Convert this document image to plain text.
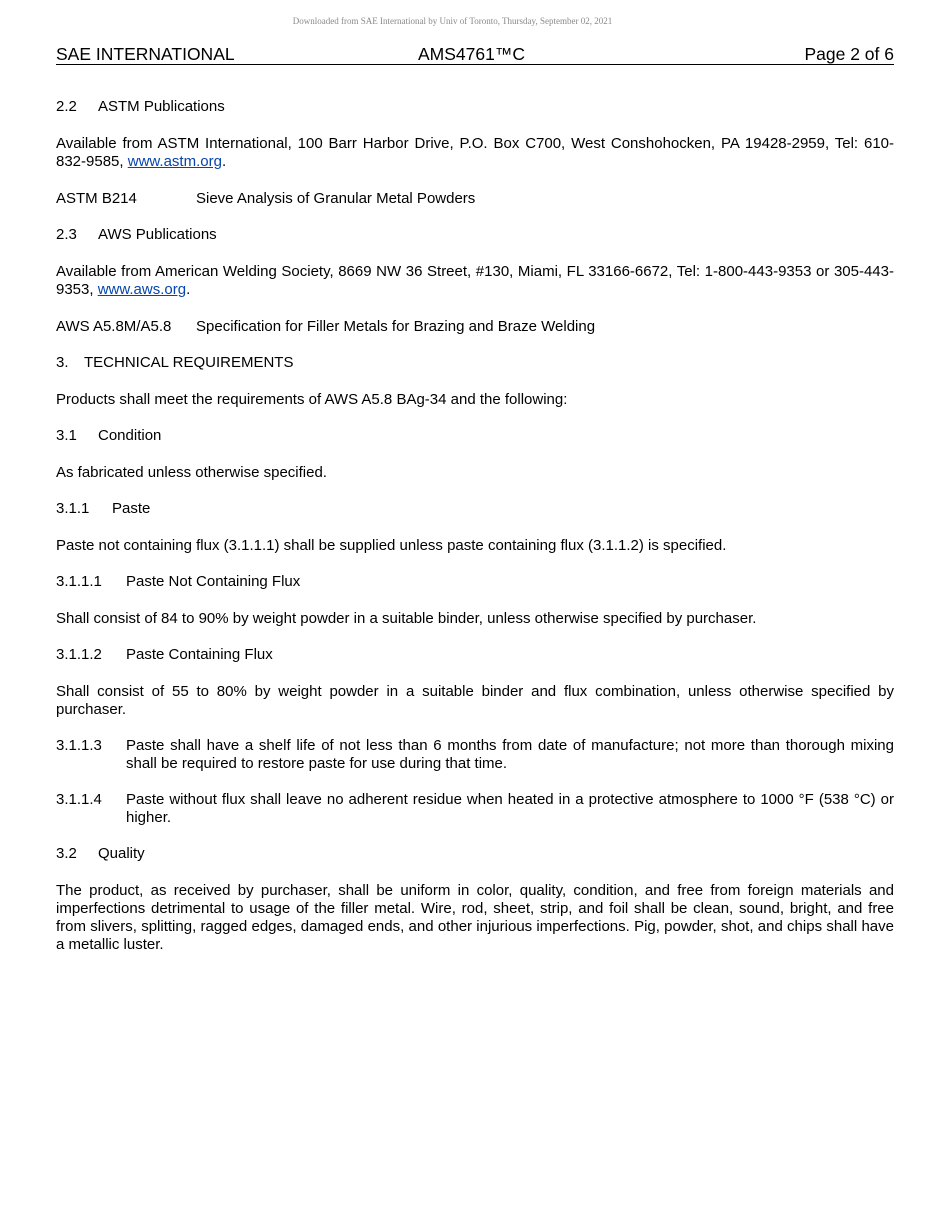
Downloaded from SAE International by Univ of Toronto, Thursday, September 02, 2021
SAE INTERNATIONAL	AMS4761™C	Page 2 of 6

2.2 ASTM Publications

Available from ASTM International, 100 Barr Harbor Drive, P.O. Box C700, West Conshohocken, PA 19428-2959, Tel: 610-832-9585, www.astm.org.

ASTM B214	Sieve Analysis of Granular Metal Powders

2.3 AWS Publications

Available from American Welding Society, 8669 NW 36 Street, #130, Miami, FL 33166-6672, Tel: 1-800-443-9353 or 305-443-9353, www.aws.org.

AWS A5.8M/A5.8	Specification for Filler Metals for Brazing and Braze Welding

3. TECHNICAL REQUIREMENTS

Products shall meet the requirements of AWS A5.8 BAg-34 and the following:

3.1 Condition

As fabricated unless otherwise specified.

3.1.1 Paste

Paste not containing flux (3.1.1.1) shall be supplied unless paste containing flux (3.1.1.2) is specified.

3.1.1.1 Paste Not Containing Flux

Shall consist of 84 to 90% by weight powder in a suitable binder, unless otherwise specified by purchaser.

3.1.1.2 Paste Containing Flux

Shall consist of 55 to 80% by weight powder in a suitable binder and flux combination, unless otherwise specified by purchaser.

3.1.1.3	Paste shall have a shelf life of not less than 6 months from date of manufacture; not more than thorough mixing shall be required to restore paste for use during that time.
3.1.1.4	Paste without flux shall leave no adherent residue when heated in a protective atmosphere to 1000 °F (538 °C) or higher.

3.2 Quality

The product, as received by purchaser, shall be uniform in color, quality, condition, and free from foreign materials and imperfections detrimental to usage of the filler metal. Wire, rod, sheet, strip, and foil shall be clean, sound, bright, and free from slivers, splitting, ragged edges, damaged ends, and other injurious imperfections. Pig, powder, shot, and chips shall have a metallic luster.
